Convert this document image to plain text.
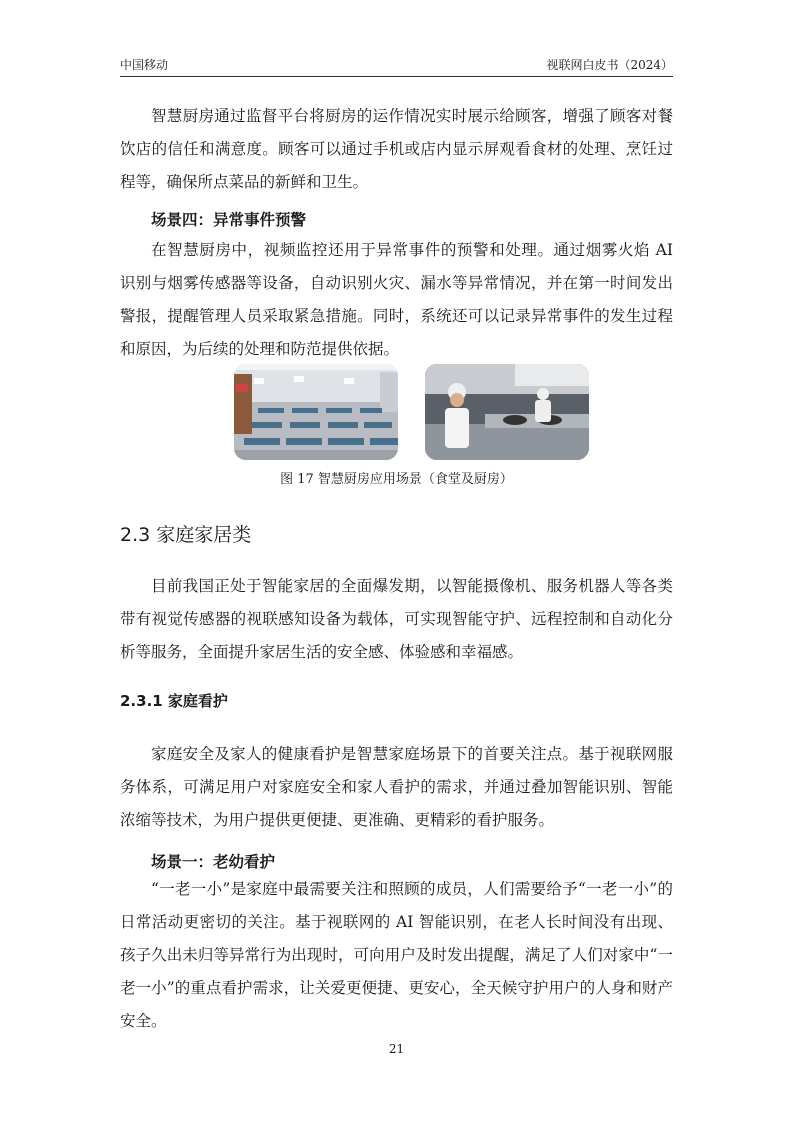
中国移动	视联网白皮书（2024）

智慧厨房通过监督平台将厨房的运作情况实时展示给顾客，增强了顾客对餐饮店的信任和满意度。顾客可以通过手机或店内显示屏观看食材的处理、烹饪过程等，确保所点菜品的新鲜和卫生。

场景四：异常事件预警

在智慧厨房中，视频监控还用于异常事件的预警和处理。通过烟雾火焰 AI 识别与烟雾传感器等设备，自动识别火灾、漏水等异常情况，并在第一时间发出警报，提醒管理人员采取紧急措施。同时，系统还可以记录异常事件的发生过程和原因，为后续的处理和防范提供依据。

图 17 智慧厨房应用场景（食堂及厨房）
2.3 家庭家居类

目前我国正处于智能家居的全面爆发期，以智能摄像机、服务机器人等各类带有视觉传感器的视联感知设备为载体，可实现智能守护、远程控制和自动化分析等服务，全面提升家居生活的安全感、体验感和幸福感。

2.3.1 家庭看护

家庭安全及家人的健康看护是智慧家庭场景下的首要关注点。基于视联网服务体系，可满足用户对家庭安全和家人看护的需求，并通过叠加智能识别、智能浓缩等技术，为用户提供更便捷、更准确、更精彩的看护服务。

场景一：老幼看护

“一老一小”是家庭中最需要关注和照顾的成员，人们需要给予“一老一小”的日常活动更密切的关注。基于视联网的 AI 智能识别，在老人长时间没有出现、孩子久出未归等异常行为出现时，可向用户及时发出提醒，满足了人们对家中“一老一小”的重点看护需求，让关爱更便捷、更安心，全天候守护用户的人身和财产安全。

21
